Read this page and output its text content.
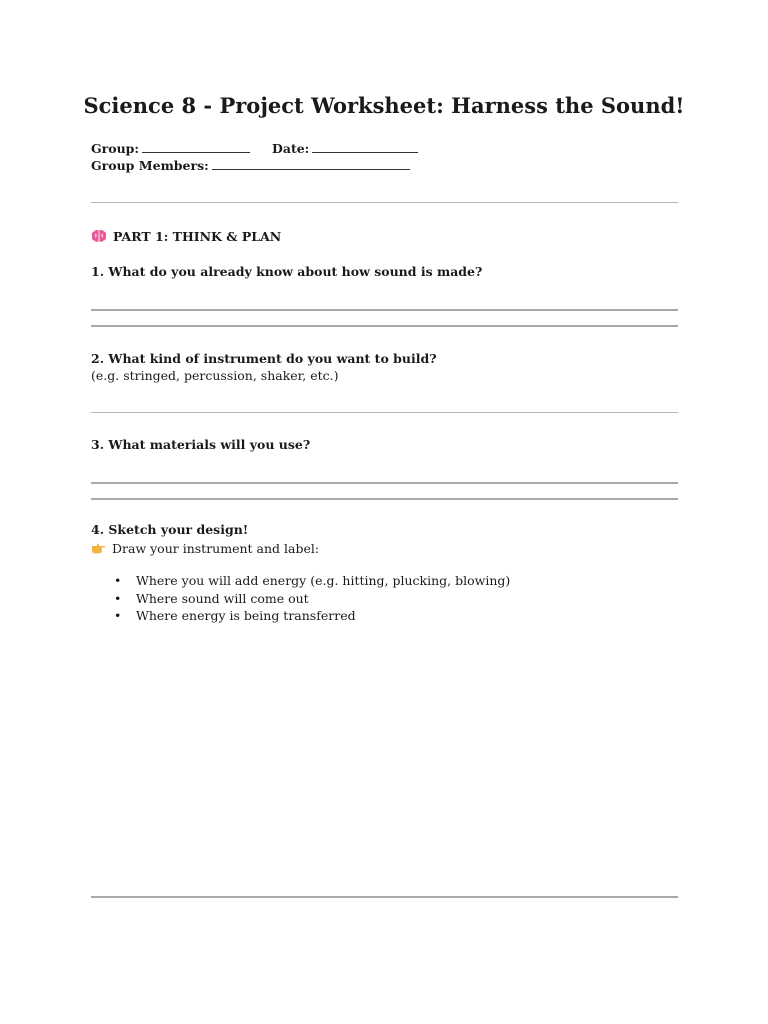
Science 8 - Project Worksheet: Harness the Sound!
Group:	Date:
Group Members:
PART 1: THINK & PLAN
1. What do you already know about how sound is made?
2. What kind of instrument do you want to build?
(e.g. stringed, percussion, shaker, etc.)
3. What materials will you use?
4. Sketch your design!
Draw your instrument and label:
• Where you will add energy (e.g. hitting, plucking, blowing)
• Where sound will come out
• Where energy is being transferred
